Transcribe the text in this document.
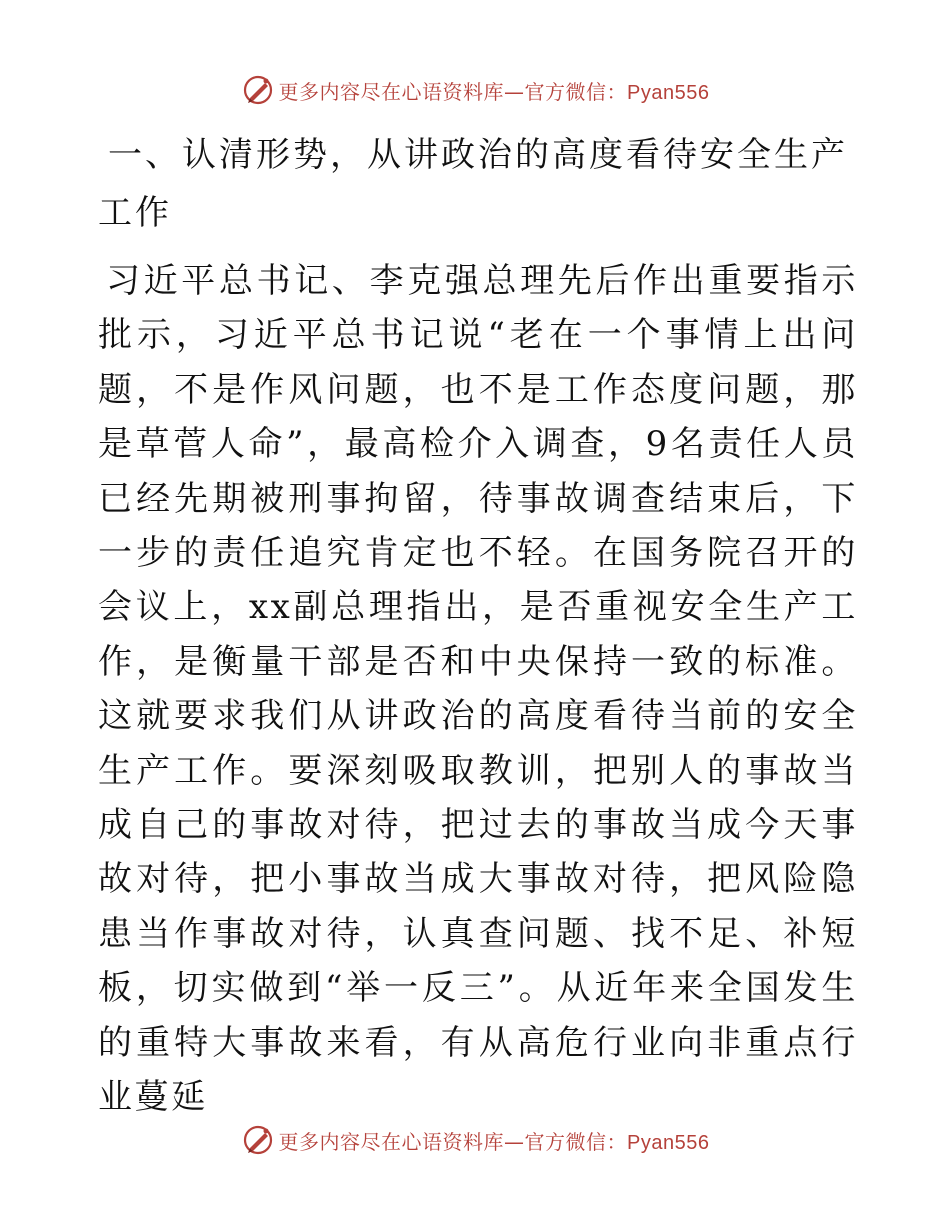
更多内容尽在心语资料库—官方微信：Pyan556
一、认清形势，从讲政治的高度看待安全生产工作

习近平总书记、李克强总理先后作出重要指示批示，习近平总书记说“老在一个事情上出问题，不是作风问题，也不是工作态度问题，那是草菅人命”，最高检介入调查，9名责任人员已经先期被刑事拘留，待事故调查结束后，下一步的责任追究肯定也不轻。在国务院召开的会议上，xx副总理指出，是否重视安全生产工作，是衡量干部是否和中央保持一致的标准。这就要求我们从讲政治的高度看待当前的安全生产工作。要深刻吸取教训，把别人的事故当成自己的事故对待，把过去的事故当成今天事故对待，把小事故当成大事故对待，把风险隐患当作事故对待，认真查问题、找不足、补短板，切实做到“举一反三”。从近年来全国发生的重特大事故来看，有从高危行业向非重点行业蔓延

更多内容尽在心语资料库—官方微信：Pyan556
